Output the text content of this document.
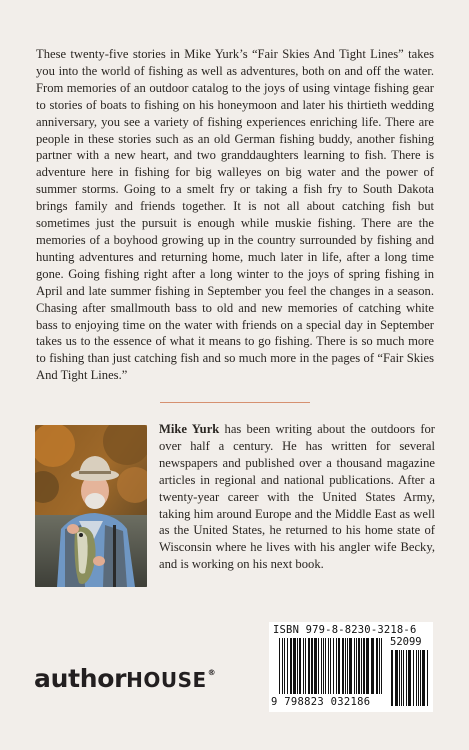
These twenty-five stories in Mike Yurk’s “Fair Skies And Tight Lines” takes you into the world of fishing as well as adventures, both on and off the water. From memories of an outdoor catalog to the joys of using vintage fishing gear to stories of boats to fishing on his honeymoon and later his thirtieth wedding anniversary, you see a variety of fishing experiences enriching life. There are people in these stories such as an old German fishing buddy, another fishing partner with a new heart, and two granddaughters learning to fish. There is adventure here in fishing for big walleyes on big water and the power of summer storms. Going to a smelt fry or taking a fish fry to South Dakota brings family and friends together. It is not all about catching fish but sometimes just the pursuit is enough while muskie fishing. There are the memories of a boyhood growing up in the country surrounded by fishing and hunting adventures and returning home, much later in life, after a long time gone. Going fishing right after a long winter to the joys of spring fishing in April and late summer fishing in September you feel the changes in a season. Chasing after smallmouth bass to old and new memories of catching white bass to enjoying time on the water with friends on a special day in September takes us to the essence of what it means to go fishing. There is so much more to fishing than just catching fish and so much more in the pages of “Fair Skies And Tight Lines.”

Mike Yurk has been writing about the outdoors for over half a century. He has written for several newspapers and published over a thousand magazine articles in regional and national publications. After a twenty-year career with the United States Army, taking him around Europe and the Middle East as well as the United States, he returned to his home state of Wisconsin where he lives with his angler wife Becky, and is working on his next book.

authorHOUSE®
ISBN 979-8-8230-3218-6
52099
9 798823 032186
